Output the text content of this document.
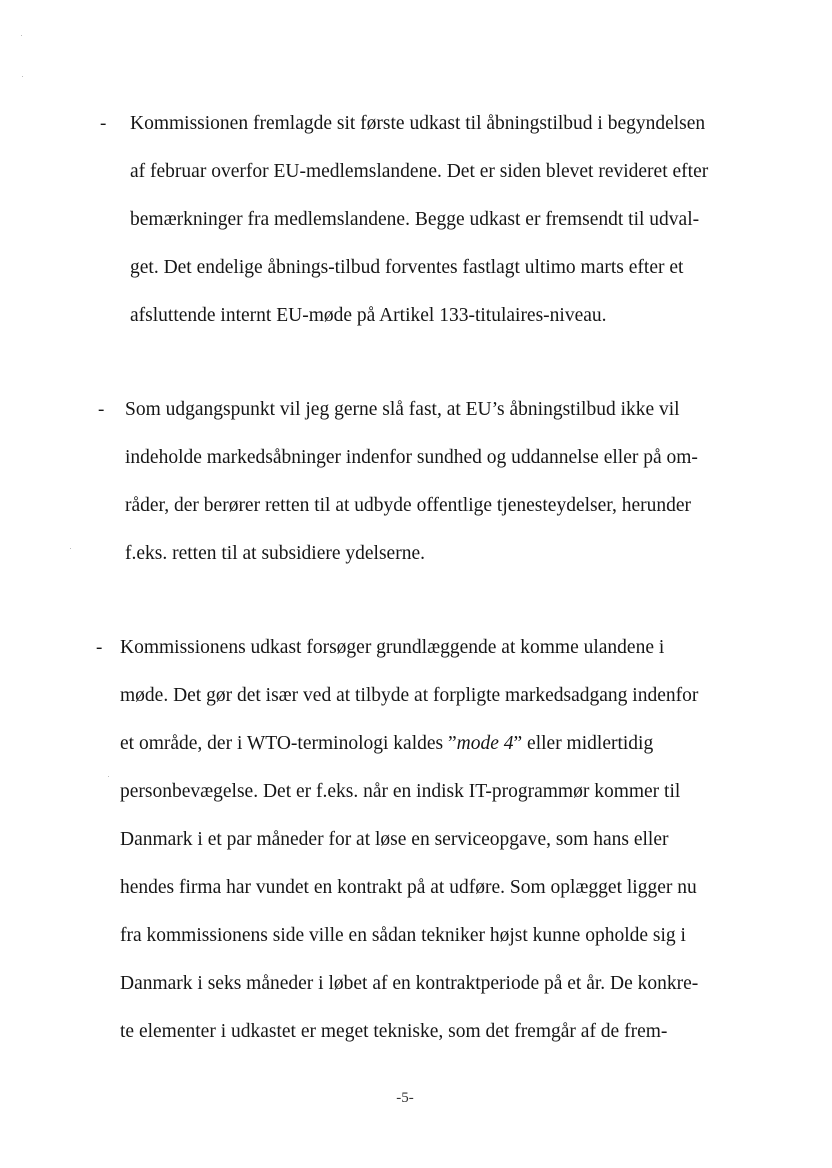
- Kommissionen fremlagde sit første udkast til åbningstilbud i begyndelsen
af februar overfor EU-medlemslandene. Det er siden blevet revideret efter
bemærkninger fra medlemslandene. Begge udkast er fremsendt til udval-
get. Det endelige åbnings-tilbud forventes fastlagt ultimo marts efter et
afsluttende internt EU-møde på Artikel 133-titulaires-niveau.
- Som udgangspunkt vil jeg gerne slå fast, at EU’s åbningstilbud ikke vil
indeholde markedsåbninger indenfor sundhed og uddannelse eller på om-
råder, der berører retten til at udbyde offentlige tjenesteydelser, herunder
f.eks. retten til at subsidiere ydelserne.
- Kommissionens udkast forsøger grundlæggende at komme ulandene i
møde. Det gør det især ved at tilbyde at forpligte markedsadgang indenfor
et område, der i WTO-terminologi kaldes ”mode 4” eller midlertidig
personbevægelse. Det er f.eks. når en indisk IT-programmør kommer til
Danmark i et par måneder for at løse en serviceopgave, som hans eller
hendes firma har vundet en kontrakt på at udføre. Som oplægget ligger nu
fra kommissionens side ville en sådan tekniker højst kunne opholde sig i
Danmark i seks måneder i løbet af en kontraktperiode på et år. De konkre-
te elementer i udkastet er meget tekniske, som det fremgår af de frem-
-5-
